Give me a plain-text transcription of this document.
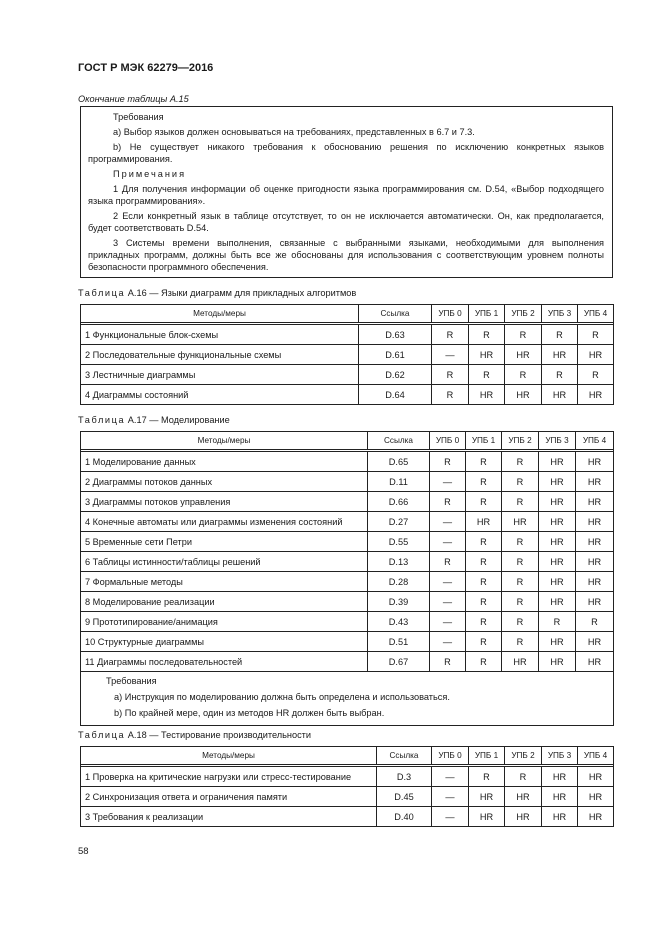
ГОСТ Р МЭК 62279—2016
Окончание таблицы А.15

Требования

а) Выбор языков должен основываться на требованиях, представленных в 6.7 и 7.3.

b) Не существует никакого требования к обоснованию решения по исключению конкретных языков программирования.

Примечания

1 Для получения информации об оценке пригодности языка программирования см. D.54, «Выбор подходящего языка программирования».

2 Если конкретный язык в таблице отсутствует, то он не исключается автоматически. Он, как предполагается, будет соответствовать D.54.

3 Системы времени выполнения, связанные с выбранными языками, необходимыми для выполнения прикладных программ, должны быть все же обоснованы для использования с соответствующим уровнем полноты безопасности программного обеспечения.

Таблица А.16 — Языки диаграмм для прикладных алгоритмов
Методы/меры	Ссылка	УПБ 0	УПБ 1	УПБ 2	УПБ 3	УПБ 4

1 Функциональные блок-схемы	D.63	R	R	R	R	R
2 Последовательные функциональные схемы	D.61	—	HR	HR	HR	HR
3 Лестничные диаграммы	D.62	R	R	R	R	R
4 Диаграммы состояний	D.64	R	HR	HR	HR	HR
Таблица А.17 — Моделирование
Методы/меры	Ссылка	УПБ 0	УПБ 1	УПБ 2	УПБ 3	УПБ 4

1 Моделирование данных	D.65	R	R	R	HR	HR
2 Диаграммы потоков данных	D.11	—	R	R	HR	HR
3 Диаграммы потоков управления	D.66	R	R	R	HR	HR
4 Конечные автоматы или диаграммы изменения состояний	D.27	—	HR	HR	HR	HR
5 Временные сети Петри	D.55	—	R	R	HR	HR
6 Таблицы истинности/таблицы решений	D.13	R	R	R	HR	HR
7 Формальные методы	D.28	—	R	R	HR	HR
8 Моделирование реализации	D.39	—	R	R	HR	HR
9 Прототипирование/анимация	D.43	—	R	R	R	R
10 Структурные диаграммы	D.51	—	R	R	HR	HR
11 Диаграммы последовательностей	D.67	R	R	HR	HR	HR

Требования

а) Инструкция по моделированию должна быть определена и использоваться.

b) По крайней мере, один из методов HR должен быть выбран.						

Таблица А.18 — Тестирование производительности
Методы/меры	Ссылка	УПБ 0	УПБ 1	УПБ 2	УПБ 3	УПБ 4

1 Проверка на критические нагрузки или стресс-тестирование	D.3	—	R	R	HR	HR
2 Синхронизация ответа и ограничения памяти	D.45	—	HR	HR	HR	HR
3 Требования к реализации	D.40	—	HR	HR	HR	HR
58
